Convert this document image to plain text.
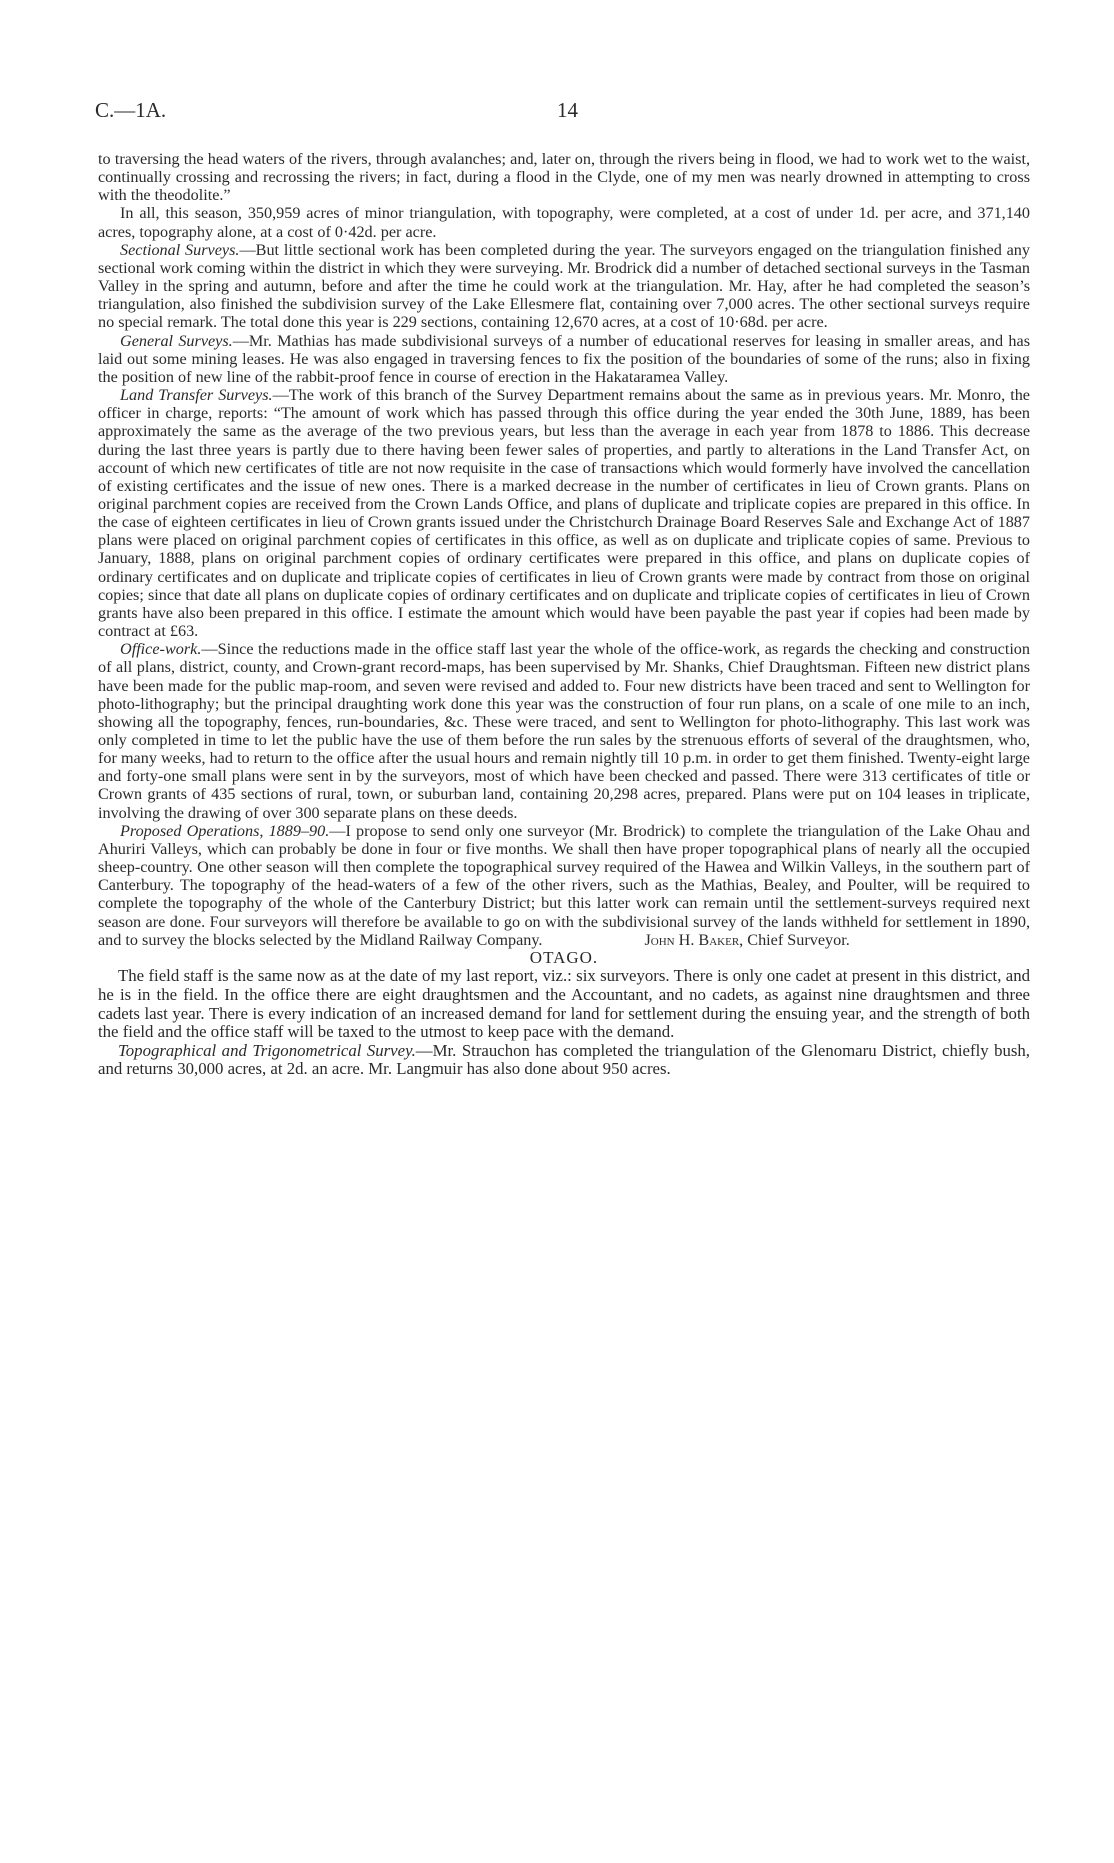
C.—1A.	14

to traversing the head waters of the rivers, through avalanches; and, later on, through the rivers being in flood, we had to work wet to the waist, continually crossing and recrossing the rivers; in fact, during a flood in the Clyde, one of my men was nearly drowned in attempting to cross with the theodolite.”

In all, this season, 350,959 acres of minor triangulation, with topography, were completed, at a cost of under 1d. per acre, and 371,140 acres, topography alone, at a cost of 0·42d. per acre.

Sectional Surveys.—But little sectional work has been completed during the year. The surveyors engaged on the triangulation finished any sectional work coming within the district in which they were surveying. Mr. Brodrick did a number of detached sectional surveys in the Tasman Valley in the spring and autumn, before and after the time he could work at the triangulation. Mr. Hay, after he had completed the season’s triangulation, also finished the subdivision survey of the Lake Ellesmere flat, containing over 7,000 acres. The other sectional surveys require no special remark. The total done this year is 229 sections, containing 12,670 acres, at a cost of 10·68d. per acre.

General Surveys.—Mr. Mathias has made subdivisional surveys of a number of educational reserves for leasing in smaller areas, and has laid out some mining leases. He was also engaged in traversing fences to fix the position of the boundaries of some of the runs; also in fixing the position of new line of the rabbit-proof fence in course of erection in the Hakataramea Valley.

Land Transfer Surveys.—The work of this branch of the Survey Department remains about the same as in previous years. Mr. Monro, the officer in charge, reports: “The amount of work which has passed through this office during the year ended the 30th June, 1889, has been approximately the same as the average of the two previous years, but less than the average in each year from 1878 to 1886. This decrease during the last three years is partly due to there having been fewer sales of properties, and partly to alterations in the Land Transfer Act, on account of which new certificates of title are not now requisite in the case of transactions which would formerly have involved the cancellation of existing certificates and the issue of new ones. There is a marked decrease in the number of certificates in lieu of Crown grants. Plans on original parchment copies are received from the Crown Lands Office, and plans of duplicate and triplicate copies are prepared in this office. In the case of eighteen certificates in lieu of Crown grants issued under the Christchurch Drainage Board Reserves Sale and Exchange Act of 1887 plans were placed on original parchment copies of certificates in this office, as well as on duplicate and triplicate copies of same. Previous to January, 1888, plans on original parchment copies of ordinary certificates were prepared in this office, and plans on duplicate copies of ordinary certificates and on duplicate and triplicate copies of certificates in lieu of Crown grants were made by contract from those on original copies; since that date all plans on duplicate copies of ordinary certificates and on duplicate and triplicate copies of certificates in lieu of Crown grants have also been prepared in this office. I estimate the amount which would have been payable the past year if copies had been made by contract at £63.

Office-work.—Since the reductions made in the office staff last year the whole of the office-work, as regards the checking and construction of all plans, district, county, and Crown-grant record-maps, has been supervised by Mr. Shanks, Chief Draughtsman. Fifteen new district plans have been made for the public map-room, and seven were revised and added to. Four new districts have been traced and sent to Wellington for photo-lithography; but the principal draughting work done this year was the construction of four run plans, on a scale of one mile to an inch, showing all the topography, fences, run-boundaries, &c. These were traced, and sent to Wellington for photo-lithography. This last work was only completed in time to let the public have the use of them before the run sales by the strenuous efforts of several of the draughtsmen, who, for many weeks, had to return to the office after the usual hours and remain nightly till 10 p.m. in order to get them finished. Twenty-eight large and forty-one small plans were sent in by the surveyors, most of which have been checked and passed. There were 313 certificates of title or Crown grants of 435 sections of rural, town, or suburban land, containing 20,298 acres, prepared. Plans were put on 104 leases in triplicate, involving the drawing of over 300 separate plans on these deeds.

Proposed Operations, 1889–90.—I propose to send only one surveyor (Mr. Brodrick) to complete the triangulation of the Lake Ohau and Ahuriri Valleys, which can probably be done in four or five months. We shall then have proper topographical plans of nearly all the occupied sheep-country. One other season will then complete the topographical survey required of the Hawea and Wilkin Valleys, in the southern part of Canterbury. The topography of the head-waters of a few of the other rivers, such as the Mathias, Bealey, and Poulter, will be required to complete the topography of the whole of the Canterbury District; but this latter work can remain until the settlement-surveys required next season are done. Four surveyors will therefore be available to go on with the subdivisional survey of the lands withheld for settlement in 1890, and to survey the blocks selected by the Midland Railway Company.	John H. Baker, Chief Surveyor.

OTAGO.

The field staff is the same now as at the date of my last report, viz.: six surveyors. There is only one cadet at present in this district, and he is in the field. In the office there are eight draughtsmen and the Accountant, and no cadets, as against nine draughtsmen and three cadets last year. There is every indication of an increased demand for land for settlement during the ensuing year, and the strength of both the field and the office staff will be taxed to the utmost to keep pace with the demand.

Topographical and Trigonometrical Survey.—Mr. Strauchon has completed the triangulation of the Glenomaru District, chiefly bush, and returns 30,000 acres, at 2d. an acre. Mr. Langmuir has also done about 950 acres.
